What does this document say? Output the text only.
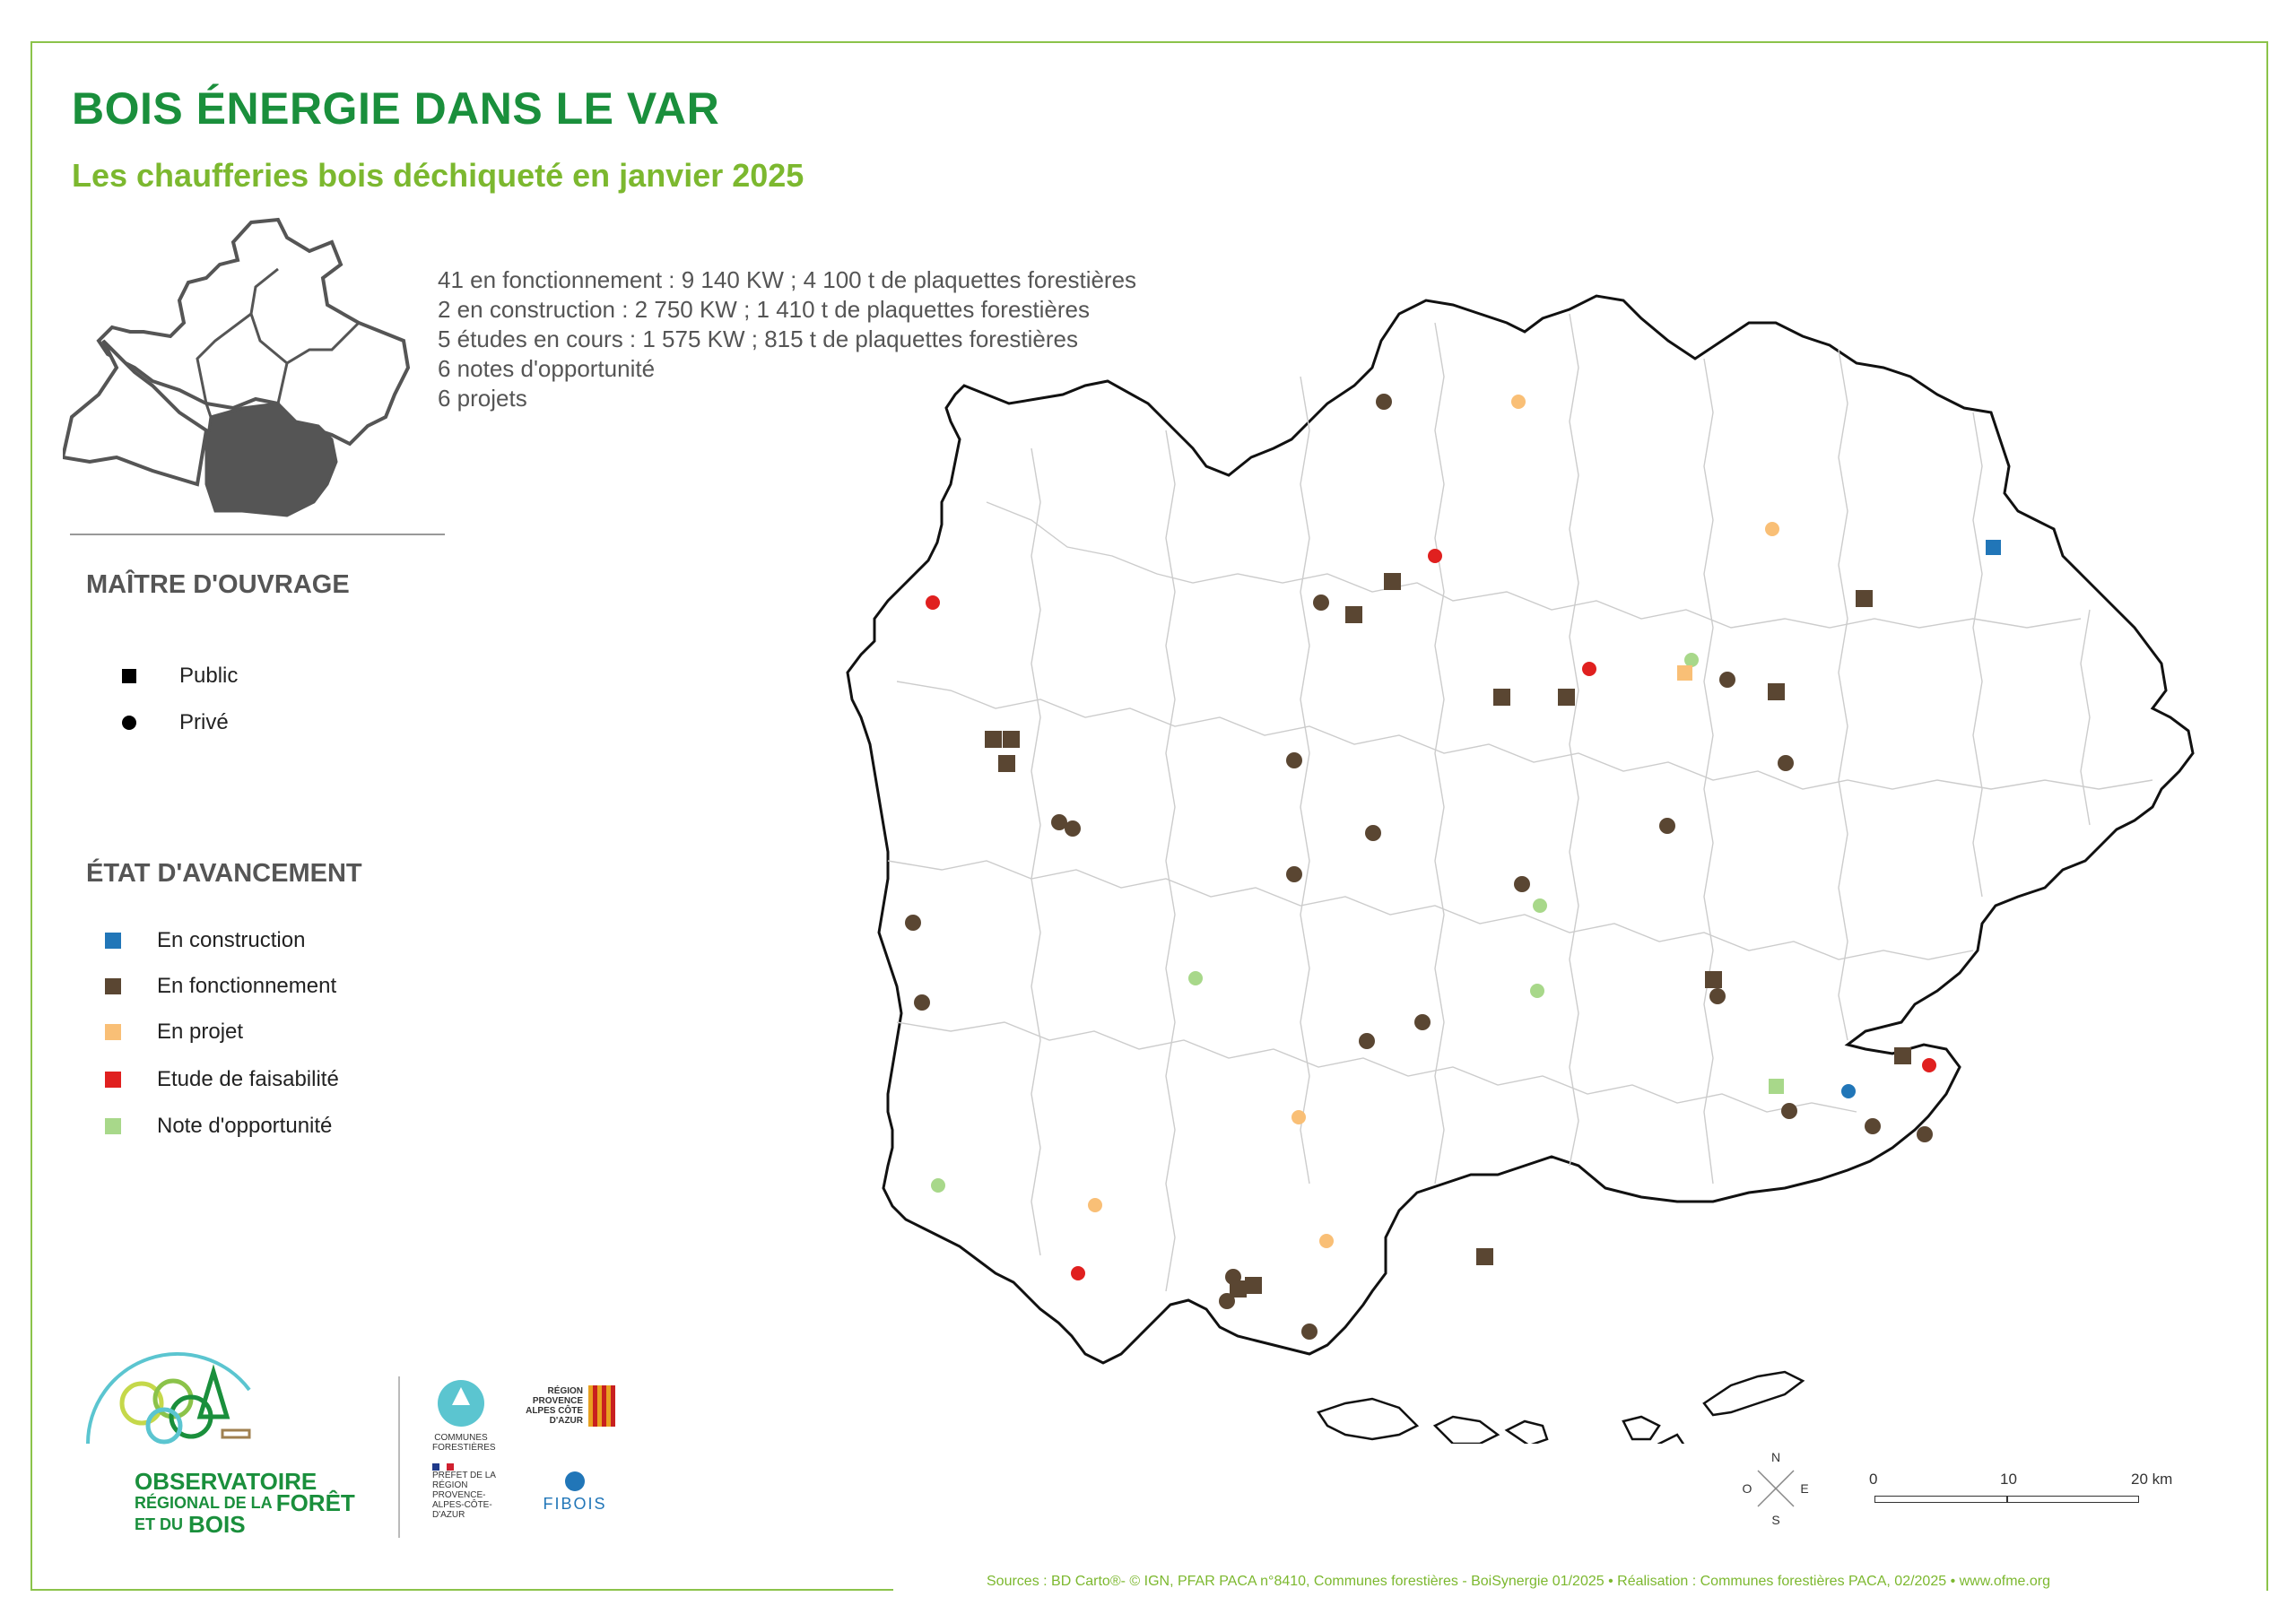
BOIS ÉNERGIE DANS LE VAR
Les chaufferies bois déchiqueté en janvier 2025
41 en fonctionnement : 9 140 KW ; 4 100 t de plaquettes forestières
2 en construction : 2 750 KW ; 1 410 t de plaquettes forestières
5 études en cours : 1 575 KW ; 815 t de plaquettes forestières
6 notes d'opportunité
6 projets
MAÎTRE D'OUVRAGE
Public
Privé
ÉTAT D'AVANCEMENT
En construction
En fonctionnement
En projet
Etude de faisabilité
Note d'opportunité
OBSERVATOIRE
RÉGIONAL DE LA FORÊT
ET DU BOIS
COMMUNES FORESTIÈRES
RÉGION PROVENCE ALPES CÔTE D'AZUR
PRÉFET DE LA RÉGION PROVENCE-ALPES-CÔTE-D'AZUR
FIBOIS
N
S
O	E
0	10	20 km
Sources : BD Carto®- © IGN, PFAR PACA n°8410, Communes forestières - BoiSynergie 01/2025 • Réalisation : Communes forestières PACA, 02/2025 • www.ofme.org
